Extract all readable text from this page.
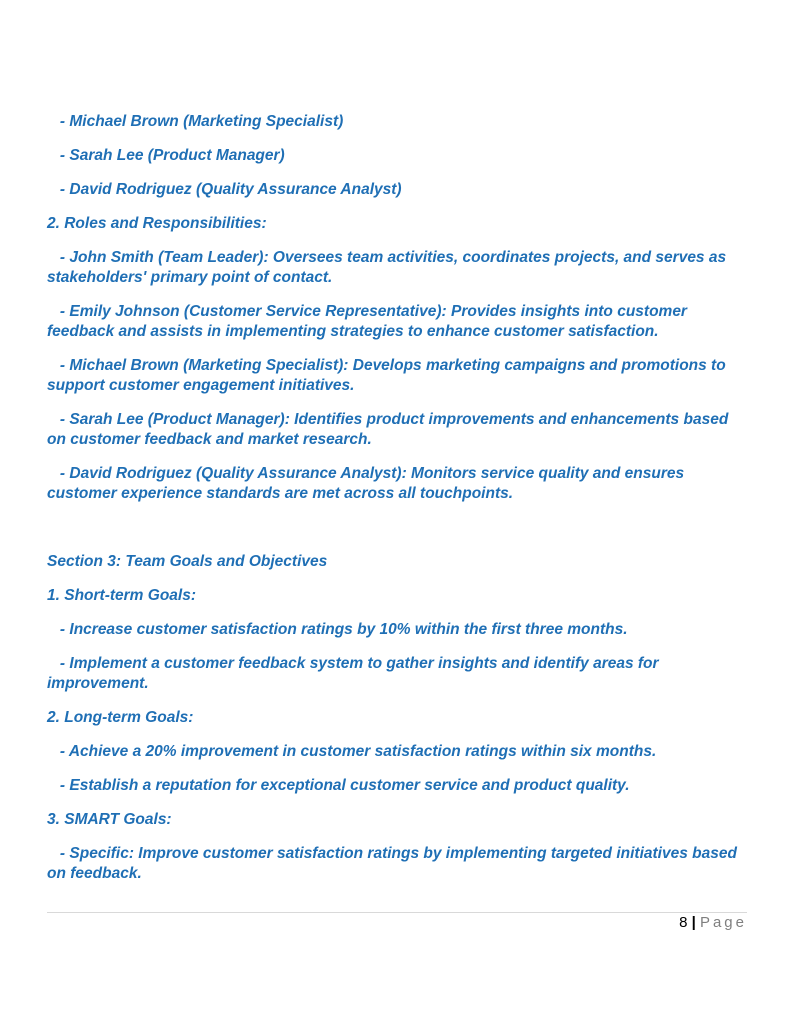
- Michael Brown (Marketing Specialist)

- Sarah Lee (Product Manager)

- David Rodriguez (Quality Assurance Analyst)

2. Roles and Responsibilities:

- John Smith (Team Leader): Oversees team activities, coordinates projects, and serves as stakeholders' primary point of contact.

- Emily Johnson (Customer Service Representative): Provides insights into customer feedback and assists in implementing strategies to enhance customer satisfaction.

- Michael Brown (Marketing Specialist): Develops marketing campaigns and promotions to support customer engagement initiatives.

- Sarah Lee (Product Manager): Identifies product improvements and enhancements based on customer feedback and market research.

- David Rodriguez (Quality Assurance Analyst): Monitors service quality and ensures customer experience standards are met across all touchpoints.

Section 3: Team Goals and Objectives

1. Short-term Goals:

- Increase customer satisfaction ratings by 10% within the first three months.

- Implement a customer feedback system to gather insights and identify areas for improvement.

2. Long-term Goals:

- Achieve a 20% improvement in customer satisfaction ratings within six months.

- Establish a reputation for exceptional customer service and product quality.

3. SMART Goals:

- Specific: Improve customer satisfaction ratings by implementing targeted initiatives based on feedback.

8 | Page
